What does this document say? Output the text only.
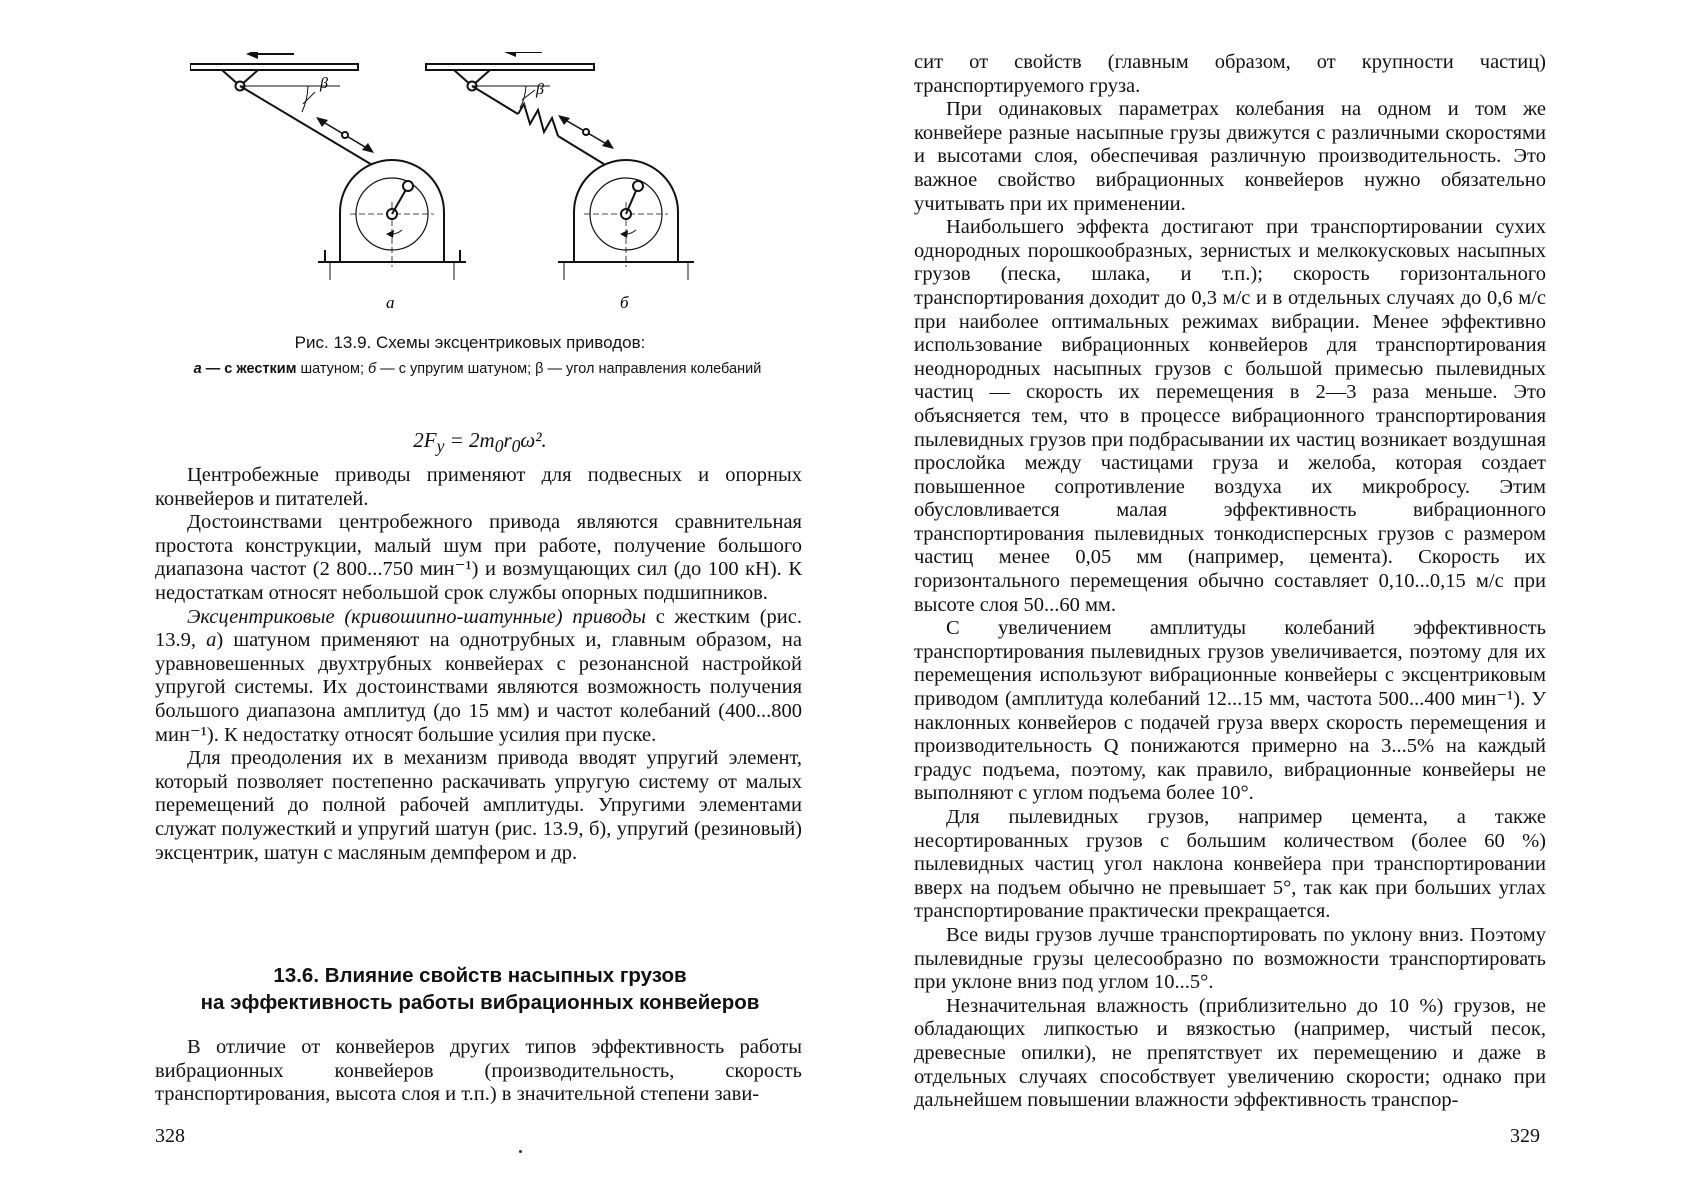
β	β
а	б
Рис. 13.9. Схемы эксцентриковых приводов:
а — с жестким шатуном; б — с упругим шатуном; β — угол направления колебаний
$2F_у = 2m_0r_0\omega^2$.

Центробежные приводы применяют для подвесных и опорных конвейеров и питателей.

Достоинствами центробежного привода являются сравнительная простота конструкции, малый шум при работе, получение большого диапазона частот (2 800...750 мин⁻¹) и возмущающих сил (до 100 кН). К недостаткам относят небольшой срок службы опорных подшипников.

Эксцентриковые (кривошипно-шатунные) приводы с жестким (рис. 13.9, а) шатуном применяют на однотрубных и, главным образом, на уравновешенных двухтрубных конвейерах с резонансной настройкой упругой системы. Их достоинствами являются возможность получения большого диапазона амплитуд (до 15 мм) и частот колебаний (400...800 мин⁻¹). К недостатку относят большие усилия при пуске.

Для преодоления их в механизм привода вводят упругий элемент, который позволяет постепенно раскачивать упругую систему от малых перемещений до полной рабочей амплитуды. Упругими элементами служат полужесткий и упругий шатун (рис. 13.9, б), упругий (резиновый) эксцентрик, шатун с масляным демпфером и др.

13.6. Влияние свойств насыпных грузов
на эффективность работы вибрационных конвейеров

В отличие от конвейеров других типов эффективность работы вибрационных конвейеров (производительность, скорость транспортирования, высота слоя и т.п.) в значительной степени зави-

328

сит от свойств (главным образом, от крупности частиц) транспортируемого груза.

При одинаковых параметрах колебания на одном и том же конвейере разные насыпные грузы движутся с различными скоростями и высотами слоя, обеспечивая различную производительность. Это важное свойство вибрационных конвейеров нужно обязательно учитывать при их применении.

Наибольшего эффекта достигают при транспортировании сухих однородных порошкообразных, зернистых и мелкокусковых насыпных грузов (песка, шлака, и т.п.); скорость горизонтального транспортирования доходит до 0,3 м/с и в отдельных случаях до 0,6 м/с при наиболее оптимальных режимах вибрации. Менее эффективно использование вибрационных конвейеров для транспортирования неоднородных насыпных грузов с большой примесью пылевидных частиц — скорость их перемещения в 2—3 раза меньше. Это объясняется тем, что в процессе вибрационного транспортирования пылевидных грузов при подбрасывании их частиц возникает воздушная прослойка между частицами груза и желоба, которая создает повышенное сопротивление воздуха их микробросу. Этим обусловливается малая эффективность вибрационного транспортирования пылевидных тонкодисперсных грузов с размером частиц менее 0,05 мм (например, цемента). Скорость их горизонтального перемещения обычно составляет 0,10...0,15 м/с при высоте слоя 50...60 мм.

С увеличением амплитуды колебаний эффективность транспортирования пылевидных грузов увеличивается, поэтому для их перемещения используют вибрационные конвейеры с эксцентриковым приводом (амплитуда колебаний 12...15 мм, частота 500...400 мин⁻¹). У наклонных конвейеров с подачей груза вверх скорость перемещения и производительность Q понижаются примерно на 3...5% на каждый градус подъема, поэтому, как правило, вибрационные конвейеры не выполняют с углом подъема более 10°.

Для пылевидных грузов, например цемента, а также несортированных грузов с большим количеством (более 60 %) пылевидных частиц угол наклона конвейера при транспортировании вверх на подъем обычно не превышает 5°, так как при больших углах транспортирование практически прекращается.

Все виды грузов лучше транспортировать по уклону вниз. Поэтому пылевидные грузы целесообразно по возможности транспортировать при уклоне вниз под углом 10...5°.

Незначительная влажность (приблизительно до 10 %) грузов, не обладающих липкостью и вязкостью (например, чистый песок, древесные опилки), не препятствует их перемещению и даже в отдельных случаях способствует увеличению скорости; однако при дальнейшем повышении влажности эффективность транспор-

329
